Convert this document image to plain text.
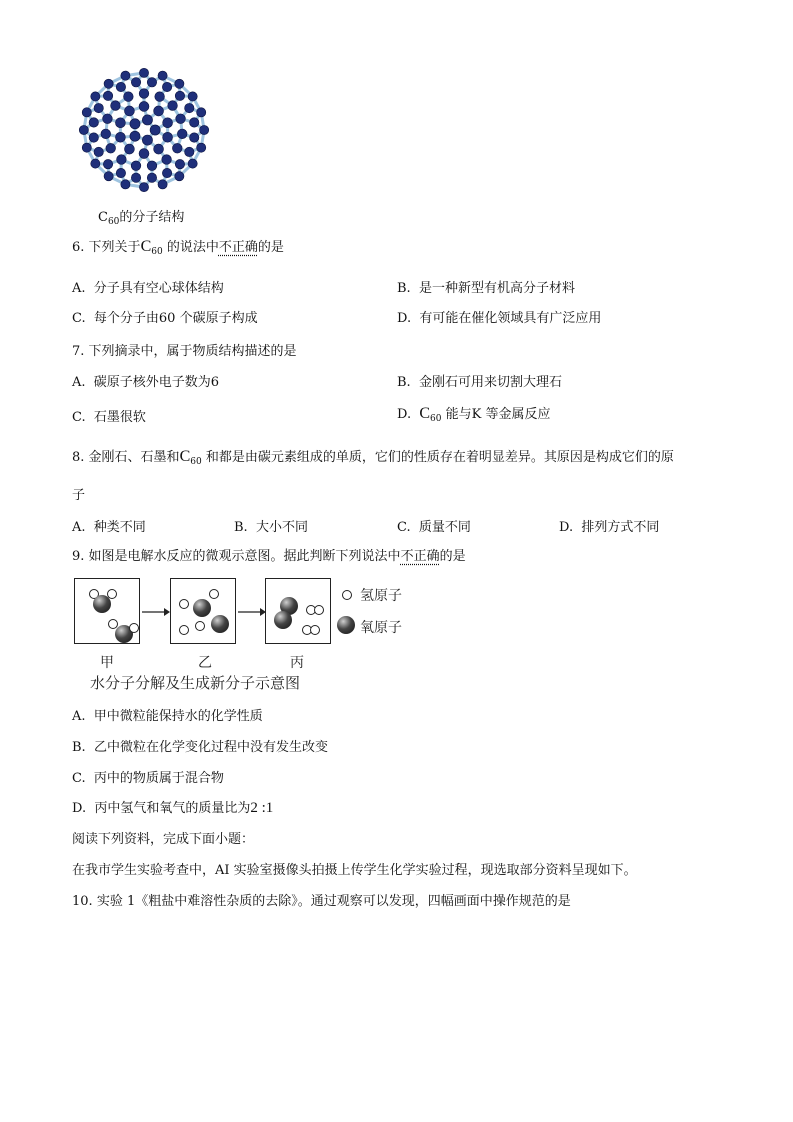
$C_{60}$的分子结构
6. 下列关于$C_{60}$ 的说法中不正确的是
A. 分子具有空心球体结构	B. 是一种新型有机高分子材料
C. 每个分子由60 个碳原子构成	D. 有可能在催化领域具有广泛应用
7. 下列摘录中，属于物质结构描述的是
A. 碳原子核外电子数为6	B. 金刚石可用来切割大理石
C. 石墨很软	D. $C_{60}$ 能与K 等金属反应
8. 金刚石、石墨和$C_{60}$ 和都是由碳元素组成的单质，它们的性质存在着明显差异。其原因是构成它们的原
子
A. 种类不同	B. 大小不同	C. 质量不同	D. 排列方式不同
9. 如图是电解水反应的微观示意图。据此判断下列说法中不正确的是
氢原子
氧原子
甲	乙	丙
水分子分解及生成新分子示意图
A. 甲中微粒能保持水的化学性质
B. 乙中微粒在化学变化过程中没有发生改变
C. 丙中的物质属于混合物
D. 丙中氢气和氧气的质量比为2 :1
阅读下列资料，完成下面小题：
在我市学生实验考查中，AI 实验室摄像头拍摄上传学生化学实验过程，现选取部分资料呈现如下。
10. 实验 1《粗盐中难溶性杂质的去除》。通过观察可以发现，四幅画面中操作规范的是
